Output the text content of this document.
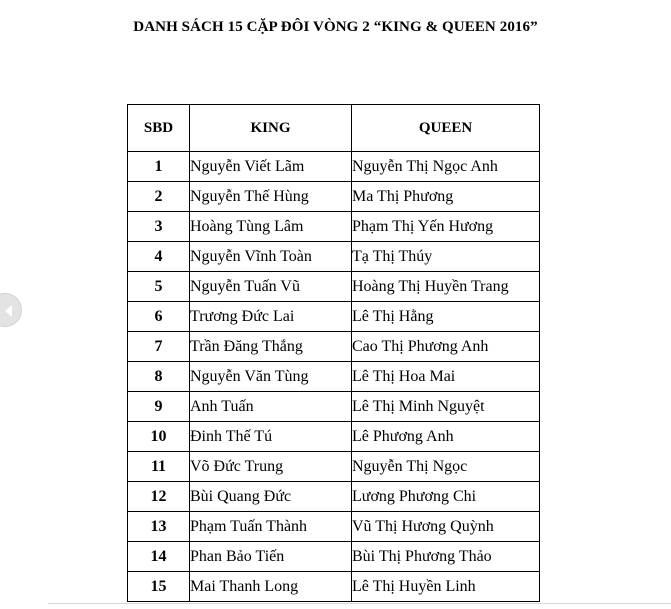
DANH SÁCH 15 CẶP ĐÔI VÒNG 2 “KING & QUEEN 2016”
SBD	KING	QUEEN
1	Nguyễn Viết Lãm	Nguyễn Thị Ngọc Anh
2	Nguyễn Thế Hùng	Ma Thị Phương
3	Hoàng Tùng Lâm	Phạm Thị Yến Hương
4	Nguyễn Vĩnh Toàn	Tạ Thị Thúy
5	Nguyễn Tuấn Vũ	Hoàng Thị Huyền Trang
6	Trương Đức Lai	Lê Thị Hằng
7	Trần Đăng Thắng	Cao Thị Phương Anh
8	Nguyễn Văn Tùng	Lê Thị Hoa Mai
9	Anh Tuấn	Lê Thị Minh Nguyệt
10	Đinh Thế Tú	Lê Phương Anh
11	Võ Đức Trung	Nguyễn Thị Ngọc
12	Bùi Quang Đức	Lương Phương Chi
13	Phạm Tuấn Thành	Vũ Thị Hương Quỳnh
14	Phan Bảo Tiến	Bùi Thị Phương Thảo
15	Mai Thanh Long	Lê Thị Huyền Linh
